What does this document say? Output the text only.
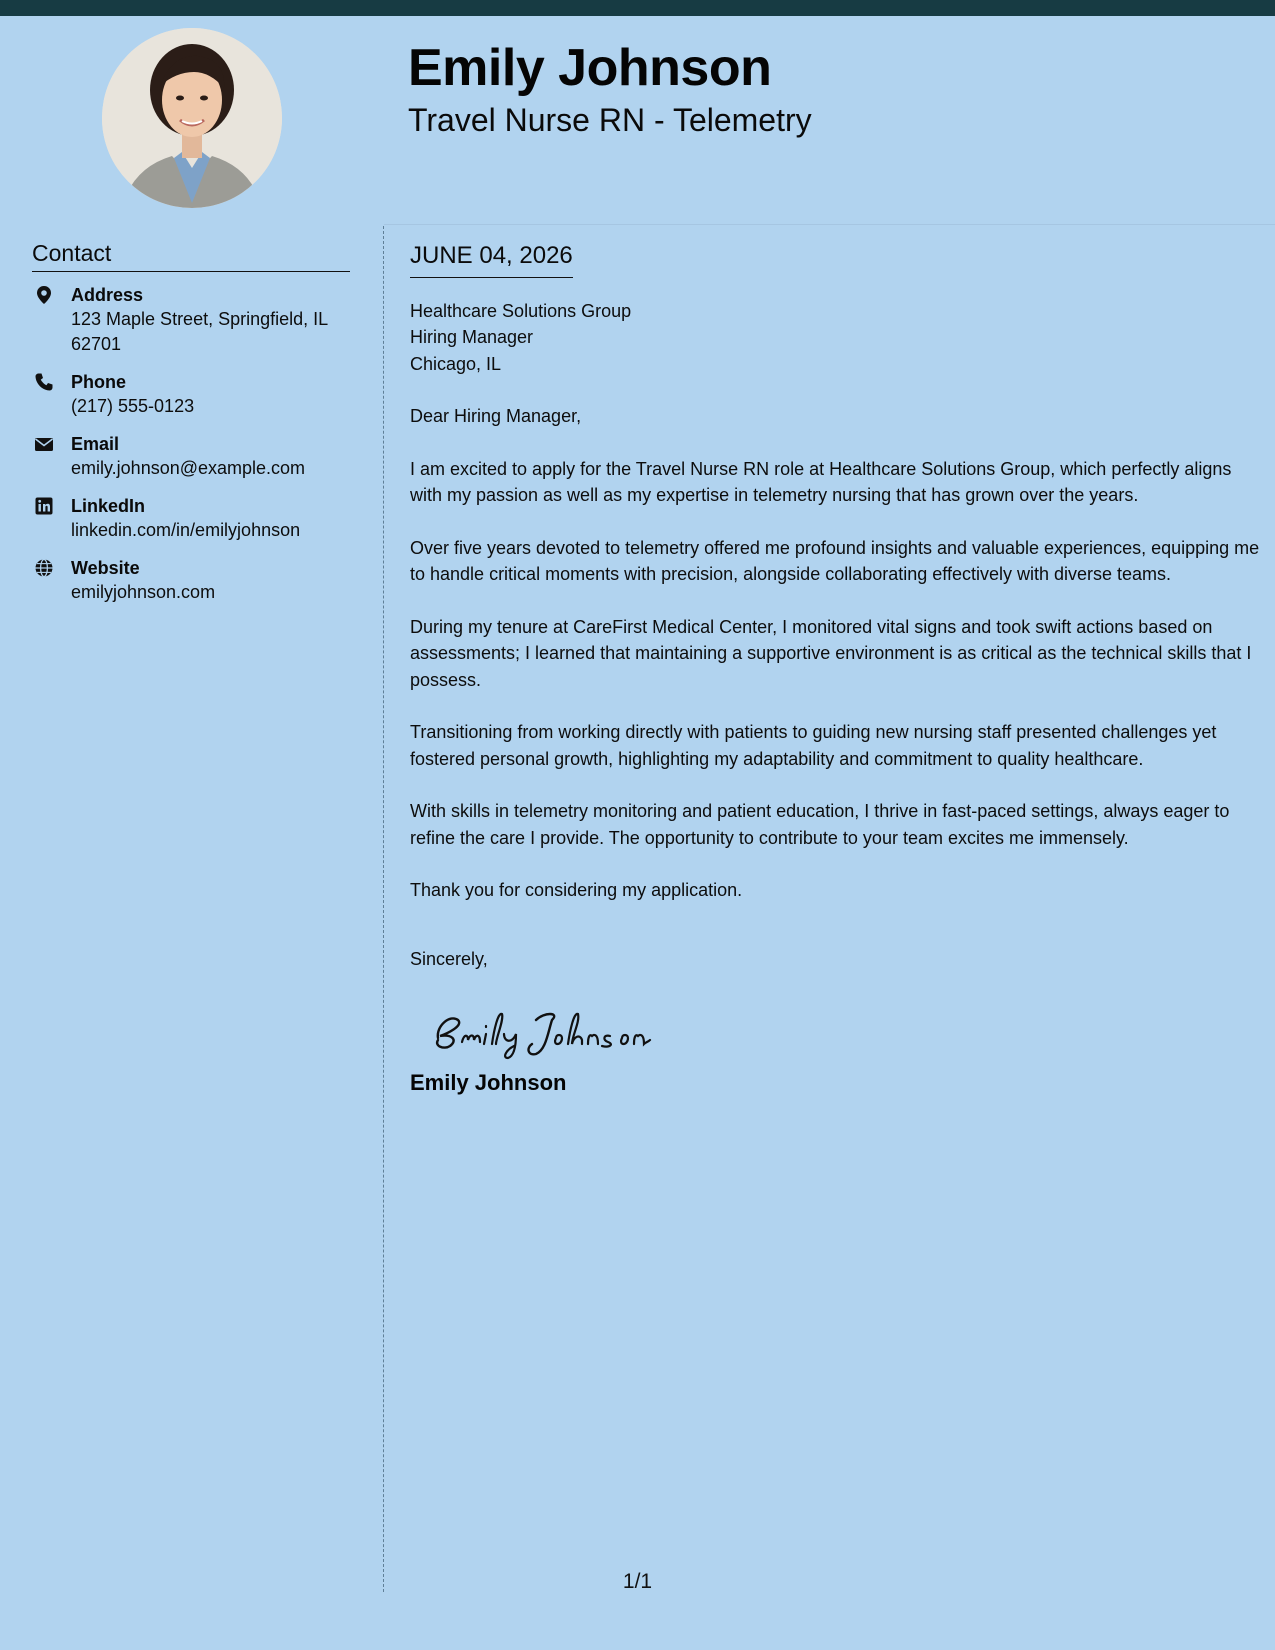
Emily Johnson
Travel Nurse RN - Telemetry
Contact
Address
123 Maple Street, Springfield, IL 62701
Phone
(217) 555-0123
Email
emily.johnson@example.com
LinkedIn
linkedin.com/in/emilyjohnson
Website
emilyjohnson.com
JUNE 04, 2026
Healthcare Solutions Group
Hiring Manager
Chicago, IL
Dear Hiring Manager,
I am excited to apply for the Travel Nurse RN role at Healthcare Solutions Group, which perfectly aligns with my passion as well as my expertise in telemetry nursing that has grown over the years.
Over five years devoted to telemetry offered me profound insights and valuable experiences, equipping me to handle critical moments with precision, alongside collaborating effectively with diverse teams.
During my tenure at CareFirst Medical Center, I monitored vital signs and took swift actions based on assessments; I learned that maintaining a supportive environment is as critical as the technical skills that I possess.
Transitioning from working directly with patients to guiding new nursing staff presented challenges yet fostered personal growth, highlighting my adaptability and commitment to quality healthcare.
With skills in telemetry monitoring and patient education, I thrive in fast-paced settings, always eager to refine the care I provide. The opportunity to contribute to your team excites me immensely.
Thank you for considering my application.
Sincerely,
Emily Johnson
1/1
